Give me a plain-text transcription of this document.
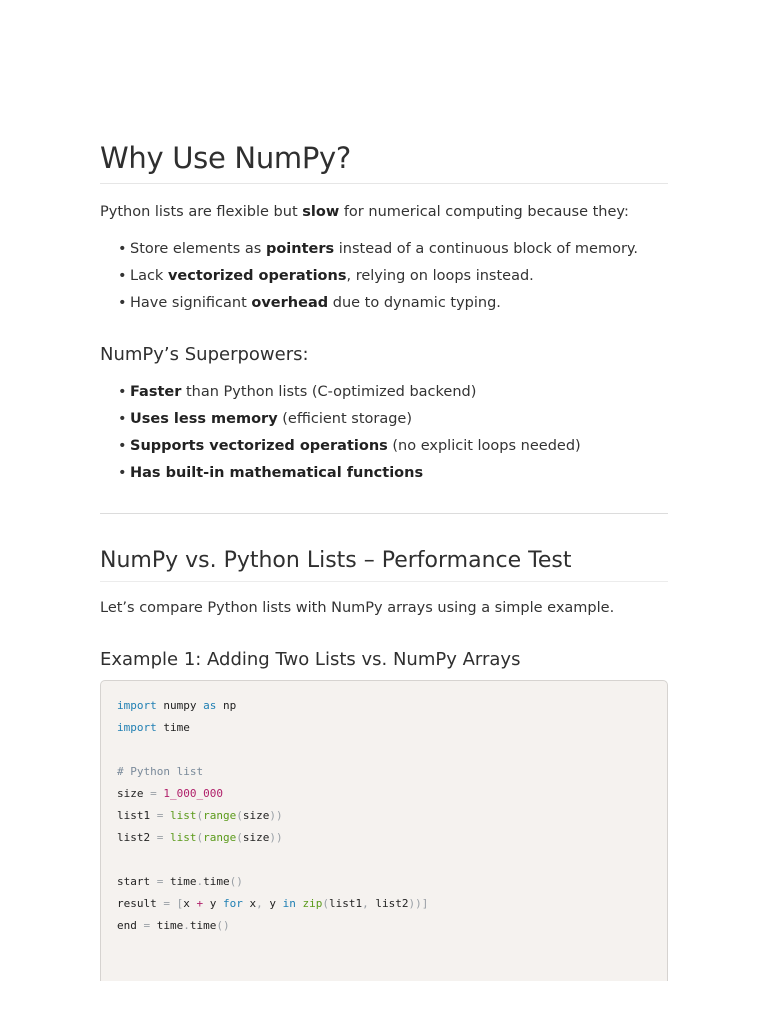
Why Use NumPy?

Python lists are flexible but slow for numerical computing because they:

• Store elements as pointers instead of a continuous block of memory.
• Lack vectorized operations, relying on loops instead.
• Have significant overhead due to dynamic typing.
NumPy’s Superpowers:
• Faster than Python lists (C-optimized backend)
• Uses less memory (efficient storage)
• Supports vectorized operations (no explicit loops needed)
• Has built-in mathematical functions
NumPy vs. Python Lists – Performance Test

Let’s compare Python lists with NumPy arrays using a simple example.

Example 1: Adding Two Lists vs. NumPy Arrays
import numpy as np
import time
# Python list
size = 1_000_000
list1 = list(range(size))
list2 = list(range(size))
start = time.time()
result = [x + y for x, y in zip(list1, list2))]
end = time.time()
